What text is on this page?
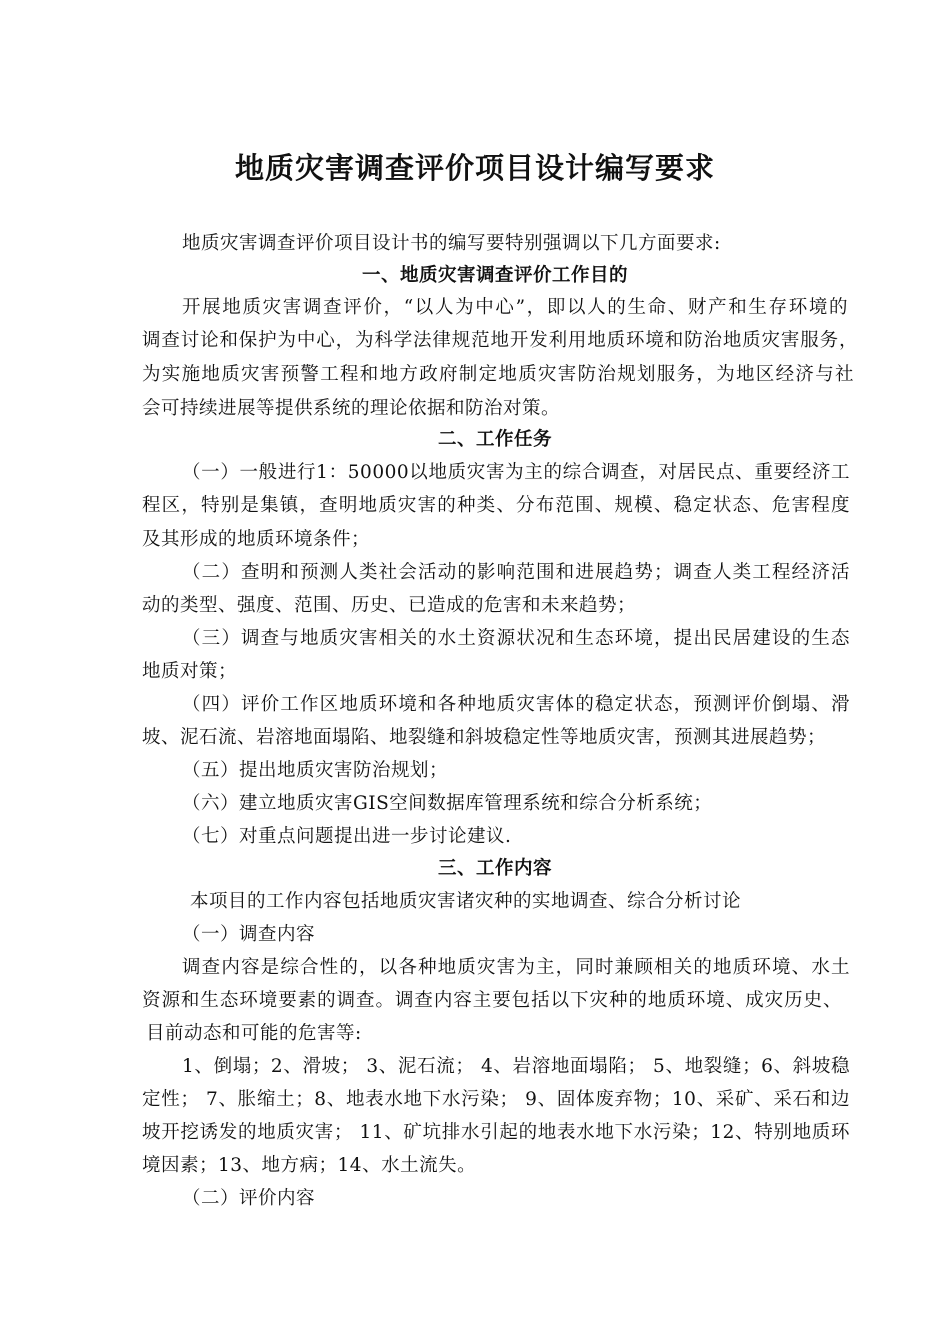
地质灾害调查评价项目设计编写要求
地质灾害调查评价项目设计书的编写要特别强调以下几方面要求:
一、地质灾害调查评价工作目的
开展地质灾害调查评价，“以人为中心”，即以人的生命、财产和生存环境的
调查讨论和保护为中心，为科学法律规范地开发利用地质环境和防治地质灾害服务，
为实施地质灾害预警工程和地方政府制定地质灾害防治规划服务，为地区经济与社
会可持续进展等提供系统的理论依据和防治对策。
二、工作任务
（一）一般进行1：50000以地质灾害为主的综合调查，对居民点、重要经济工
程区，特别是集镇，查明地质灾害的种类、分布范围、规模、稳定状态、危害程度
及其形成的地质环境条件；
（二）查明和预测人类社会活动的影响范围和进展趋势；调查人类工程经济活
动的类型、强度、范围、历史、已造成的危害和未来趋势；
（三）调查与地质灾害相关的水土资源状况和生态环境，提出民居建设的生态
地质对策；
（四）评价工作区地质环境和各种地质灾害体的稳定状态，预测评价倒塌、滑
坡、泥石流、岩溶地面塌陷、地裂缝和斜坡稳定性等地质灾害，预测其进展趋势；
（五）提出地质灾害防治规划；
（六）建立地质灾害GIS空间数据库管理系统和综合分析系统；
（七）对重点问题提出进一步讨论建议.
三、工作内容
本项目的工作内容包括地质灾害诸灾种的实地调查、综合分析讨论
（一）调查内容
调查内容是综合性的，以各种地质灾害为主，同时兼顾相关的地质环境、水土
资源和生态环境要素的调查。调查内容主要包括以下灾种的地质环境、成灾历史、
目前动态和可能的危害等:
1、倒塌；2、滑坡； 3、泥石流； 4、岩溶地面塌陷； 5、地裂缝；6、斜坡稳
定性； 7、胀缩土；8、地表水地下水污染； 9、固体废弃物；10、采矿、采石和边
坡开挖诱发的地质灾害； 11、矿坑排水引起的地表水地下水污染；12、特别地质环
境因素；13、地方病；14、水土流失。
（二）评价内容
